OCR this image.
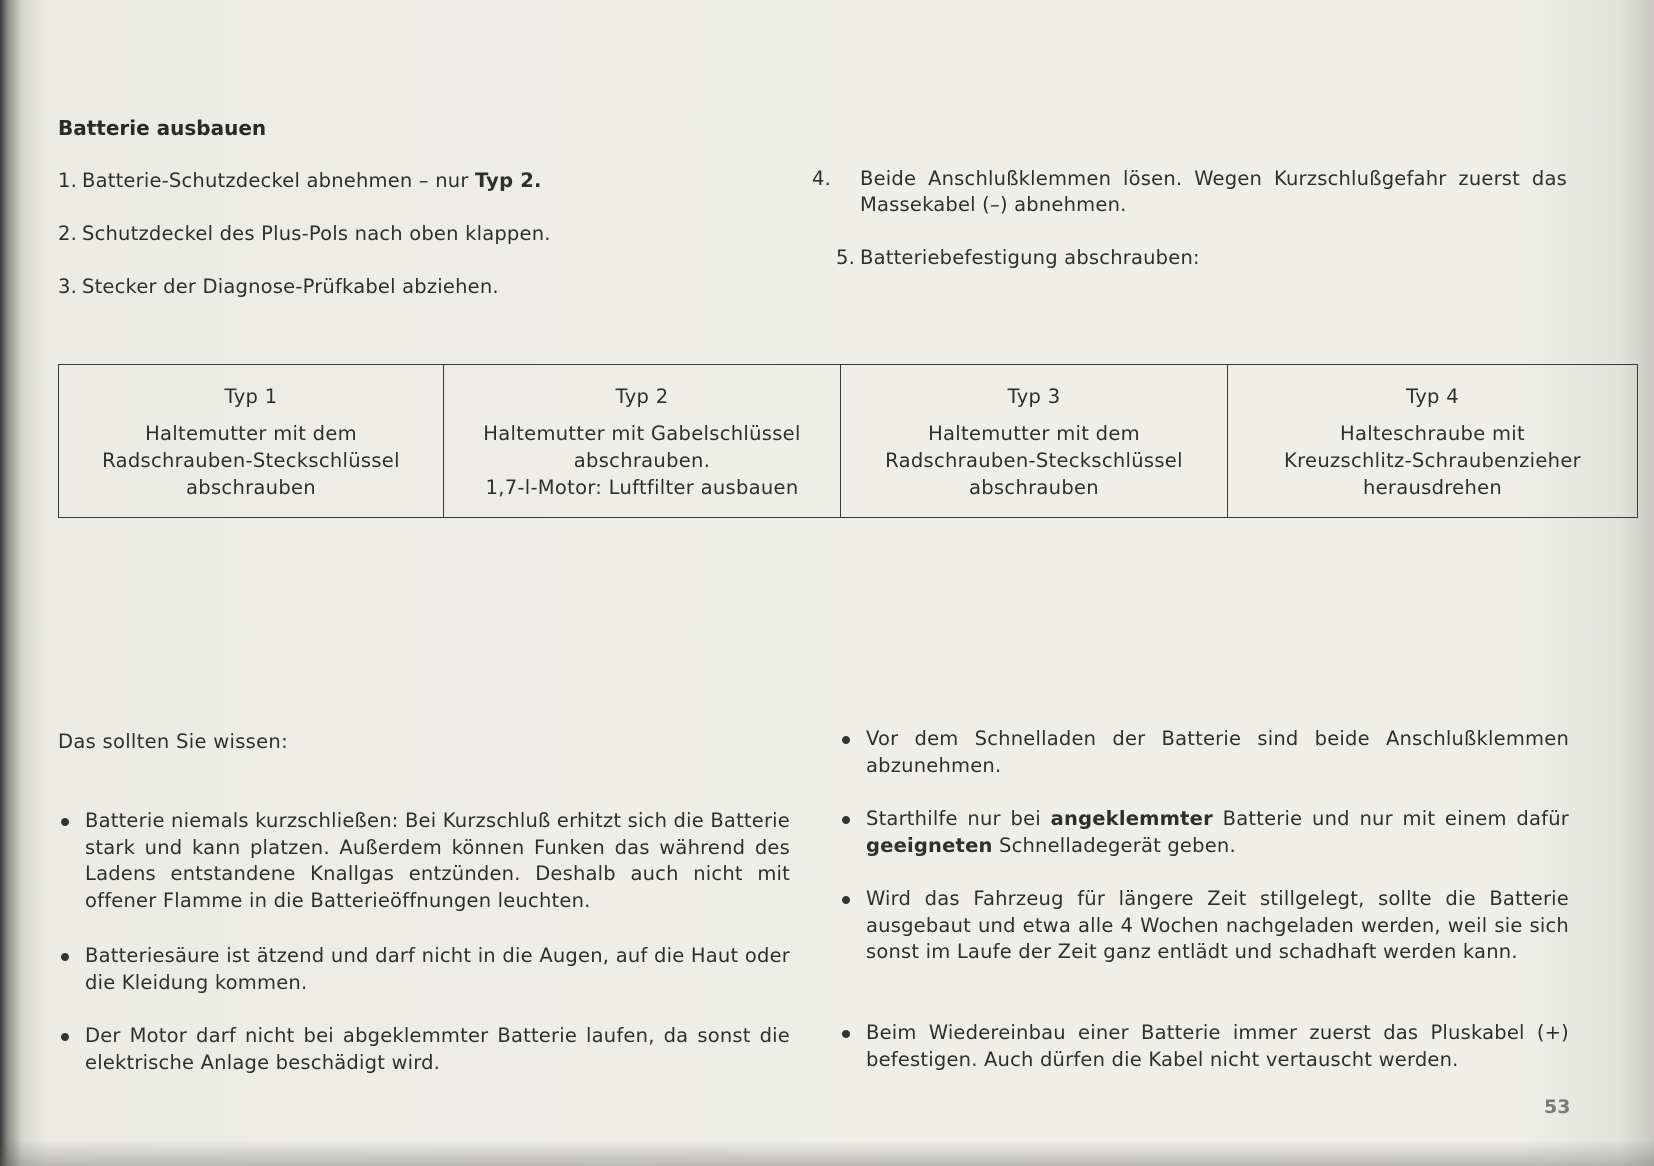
Batterie ausbauen
1. Batterie-Schutzdeckel abnehmen – nur Typ 2.
2. Schutzdeckel des Plus-Pols nach oben klappen.
3. Stecker der Diagnose-Prüfkabel abziehen.
4. Beide Anschlußklemmen lösen. Wegen Kurzschlußgefahr zuerst das Massekabel (–) abnehmen.
5. Batteriebefestigung abschrauben:
Typ 1
Haltemutter mit dem
Radschrauben-Steckschlüssel
abschrauben

Typ 2
Haltemutter mit Gabelschlüssel
abschrauben.
1,7-l-Motor: Luftfilter ausbauen

Typ 3
Haltemutter mit dem
Radschrauben-Steckschlüssel
abschrauben

Typ 4
Halteschraube mit
Kreuzschlitz-Schraubenzieher
herausdrehen
Das sollten Sie wissen:
Batterie niemals kurzschließen: Bei Kurzschluß erhitzt sich die Batterie stark und kann platzen. Außerdem können Funken das während des Ladens entstandene Knallgas entzünden. Deshalb auch nicht mit offener Flamme in die Batterieöffnungen leuchten.
Batteriesäure ist ätzend und darf nicht in die Augen, auf die Haut oder die Kleidung kommen.
Der Motor darf nicht bei abgeklemmter Batterie laufen, da sonst die elektrische Anlage beschädigt wird.
Vor dem Schnelladen der Batterie sind beide Anschlußklemmen abzunehmen.
Starthilfe nur bei angeklemmter Batterie und nur mit einem dafür geeigneten Schnelladegerät geben.
Wird das Fahrzeug für längere Zeit stillgelegt, sollte die Batterie ausgebaut und etwa alle 4 Wochen nachgeladen werden, weil sie sich sonst im Laufe der Zeit ganz entlädt und schadhaft werden kann.
Beim Wiedereinbau einer Batterie immer zuerst das Pluskabel (+) befestigen. Auch dürfen die Kabel nicht vertauscht werden.
53
